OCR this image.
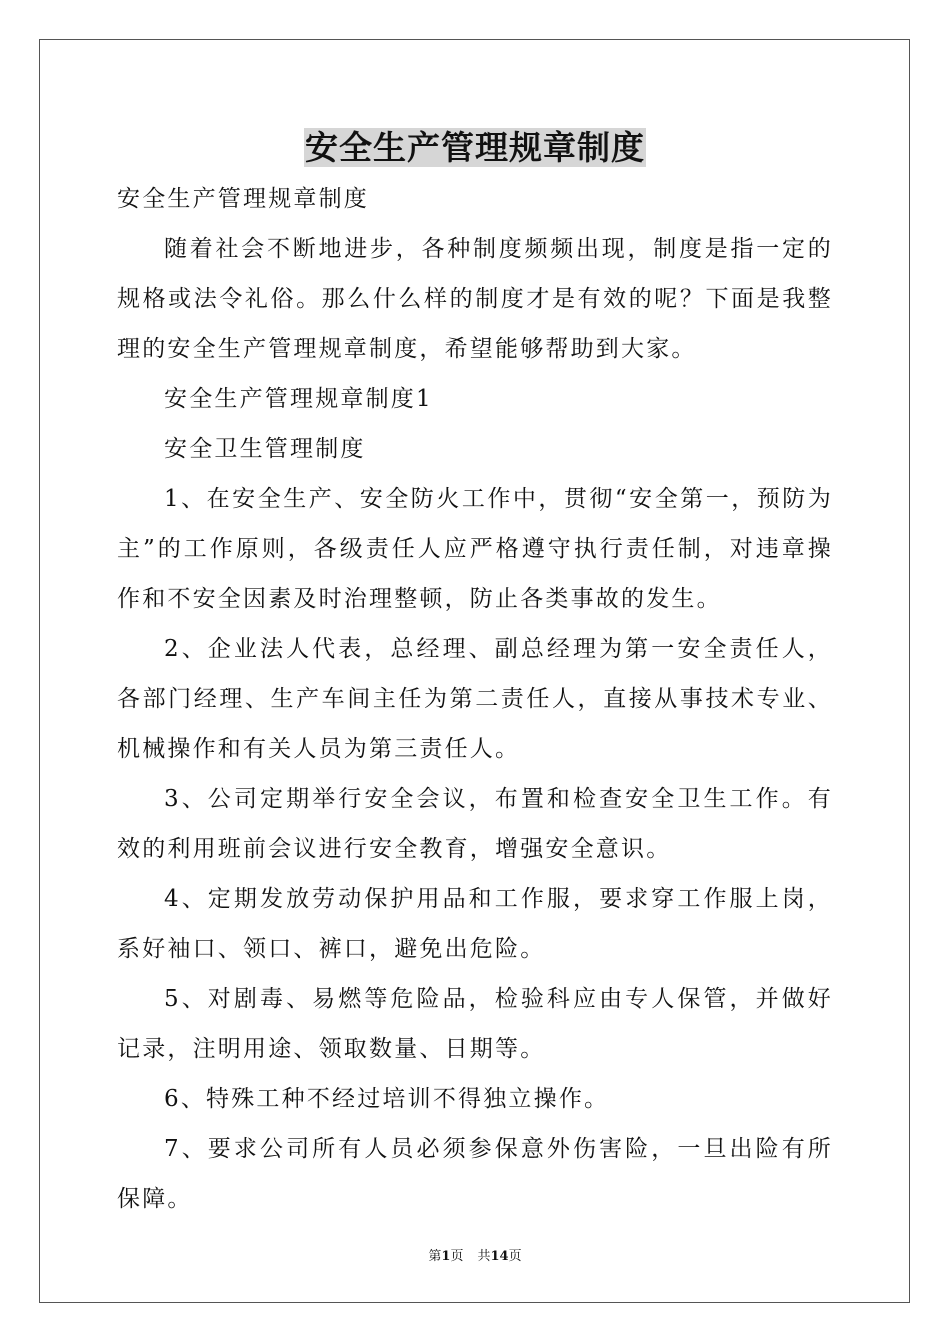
安全生产管理规章制度

安全生产管理规章制度

随着社会不断地进步，各种制度频频出现，制度是指一定的规格或法令礼俗。那么什么样的制度才是有效的呢？下面是我整理的安全生产管理规章制度，希望能够帮助到大家。

安全生产管理规章制度1

安全卫生管理制度

1、在安全生产、安全防火工作中，贯彻“安全第一，预防为主”的工作原则，各级责任人应严格遵守执行责任制，对违章操作和不安全因素及时治理整顿，防止各类事故的发生。

2、企业法人代表，总经理、副总经理为第一安全责任人，各部门经理、生产车间主任为第二责任人，直接从事技术专业、机械操作和有关人员为第三责任人。

3、公司定期举行安全会议，布置和检查安全卫生工作。有效的利用班前会议进行安全教育，增强安全意识。

4、定期发放劳动保护用品和工作服，要求穿工作服上岗，系好袖口、领口、裤口，避免出危险。

5、对剧毒、易燃等危险品，检验科应由专人保管，并做好记录，注明用途、领取数量、日期等。

6、特殊工种不经过培训不得独立操作。

7、要求公司所有人员必须参保意外伤害险，一旦出险有所保障。

第1页 共14页
